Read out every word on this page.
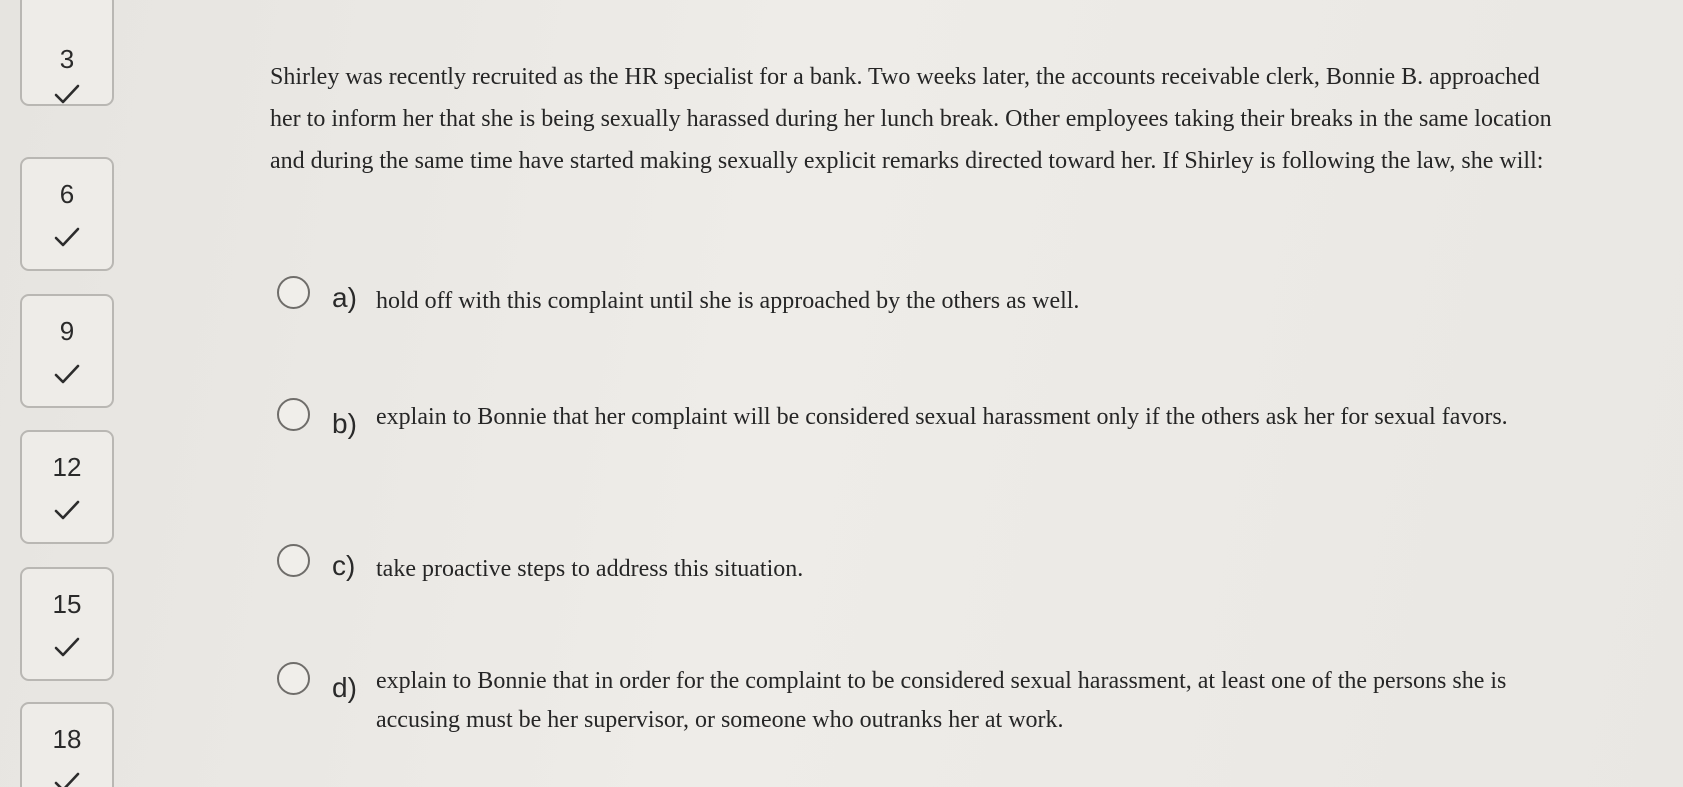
3
6
9
12
15
18

Shirley was recently recruited as the HR specialist for a bank. Two weeks later, the accounts receivable clerk, Bonnie B. approached her to inform her that she is being sexually harassed during her lunch break. Other employees taking their breaks in the same location and during the same time have started making sexually explicit remarks directed toward her. If Shirley is following the law, she will:

a) hold off with this complaint until she is approached by the others as well.
b) explain to Bonnie that her complaint will be considered sexual harassment only if the others ask her for sexual favors.
c) take proactive steps to address this situation.
d) explain to Bonnie that in order for the complaint to be considered sexual harassment, at least one of the persons she is accusing must be her supervisor, or someone who outranks her at work.
